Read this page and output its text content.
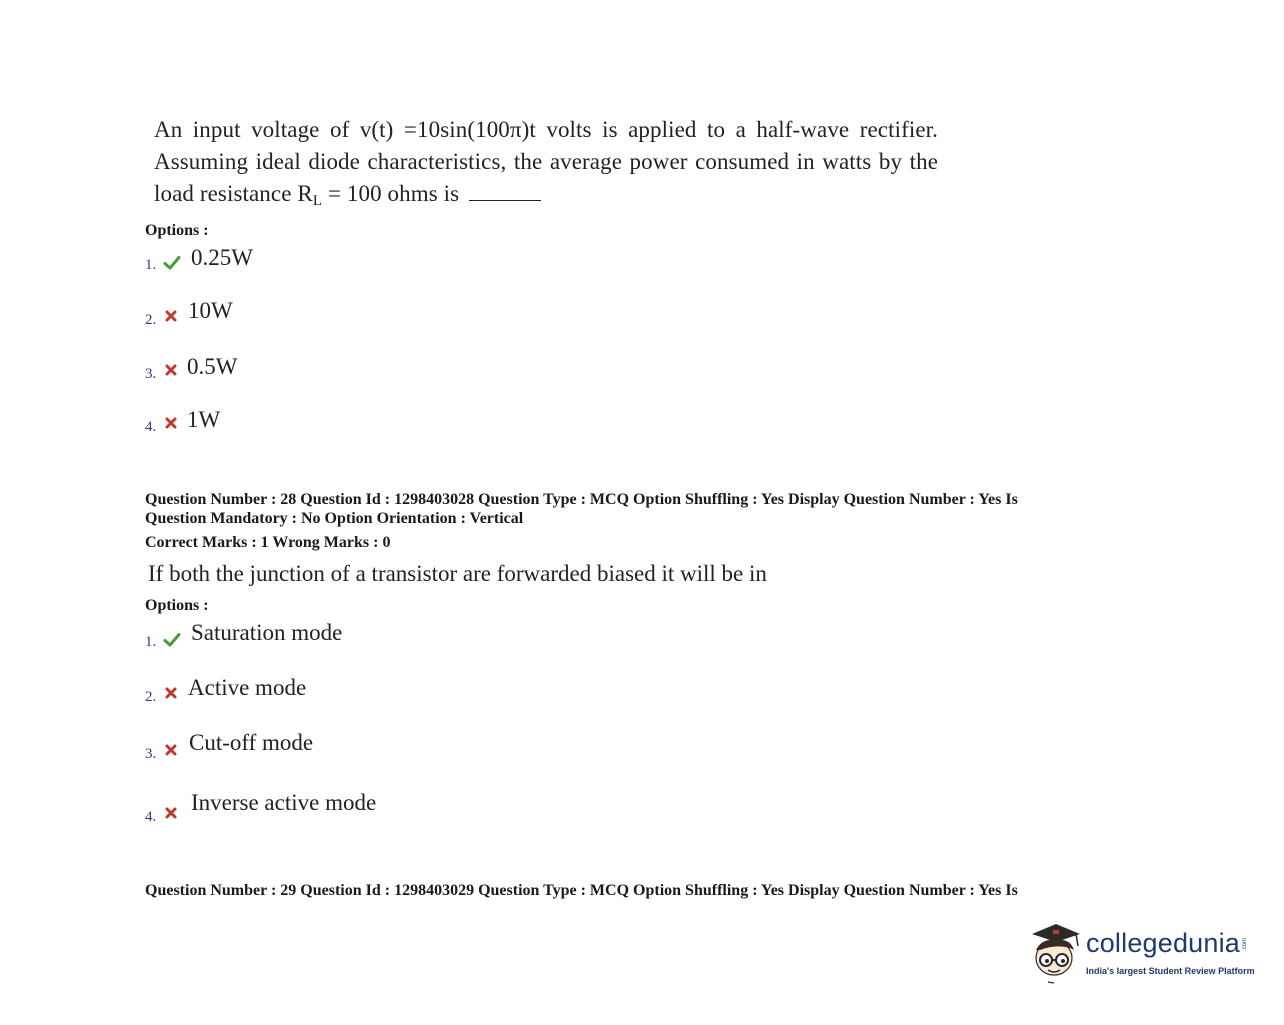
An input voltage of v(t) =10sin(100π)t volts is applied to a half-wave rectifier.
Assuming ideal diode characteristics, the average power consumed in watts by the
load resistance $R_L = 100$ ohms is
Options :
1. 0.25W
2. 10W
3. 0.5W
4. 1W
Question Number : 28 Question Id : 1298403028 Question Type : MCQ Option Shuffling : Yes Display Question Number : Yes Is
Question Mandatory : No Option Orientation : Vertical
Correct Marks : 1 Wrong Marks : 0
If both the junction of a transistor are forwarded biased it will be in
Options :
1. Saturation mode
2. Active mode
3. Cut-off mode
4.
Inverse active mode
Question Number : 29 Question Id : 1298403029 Question Type : MCQ Option Shuffling : Yes Display Question Number : Yes Is
collegedunia .com
India's largest Student Review Platform
